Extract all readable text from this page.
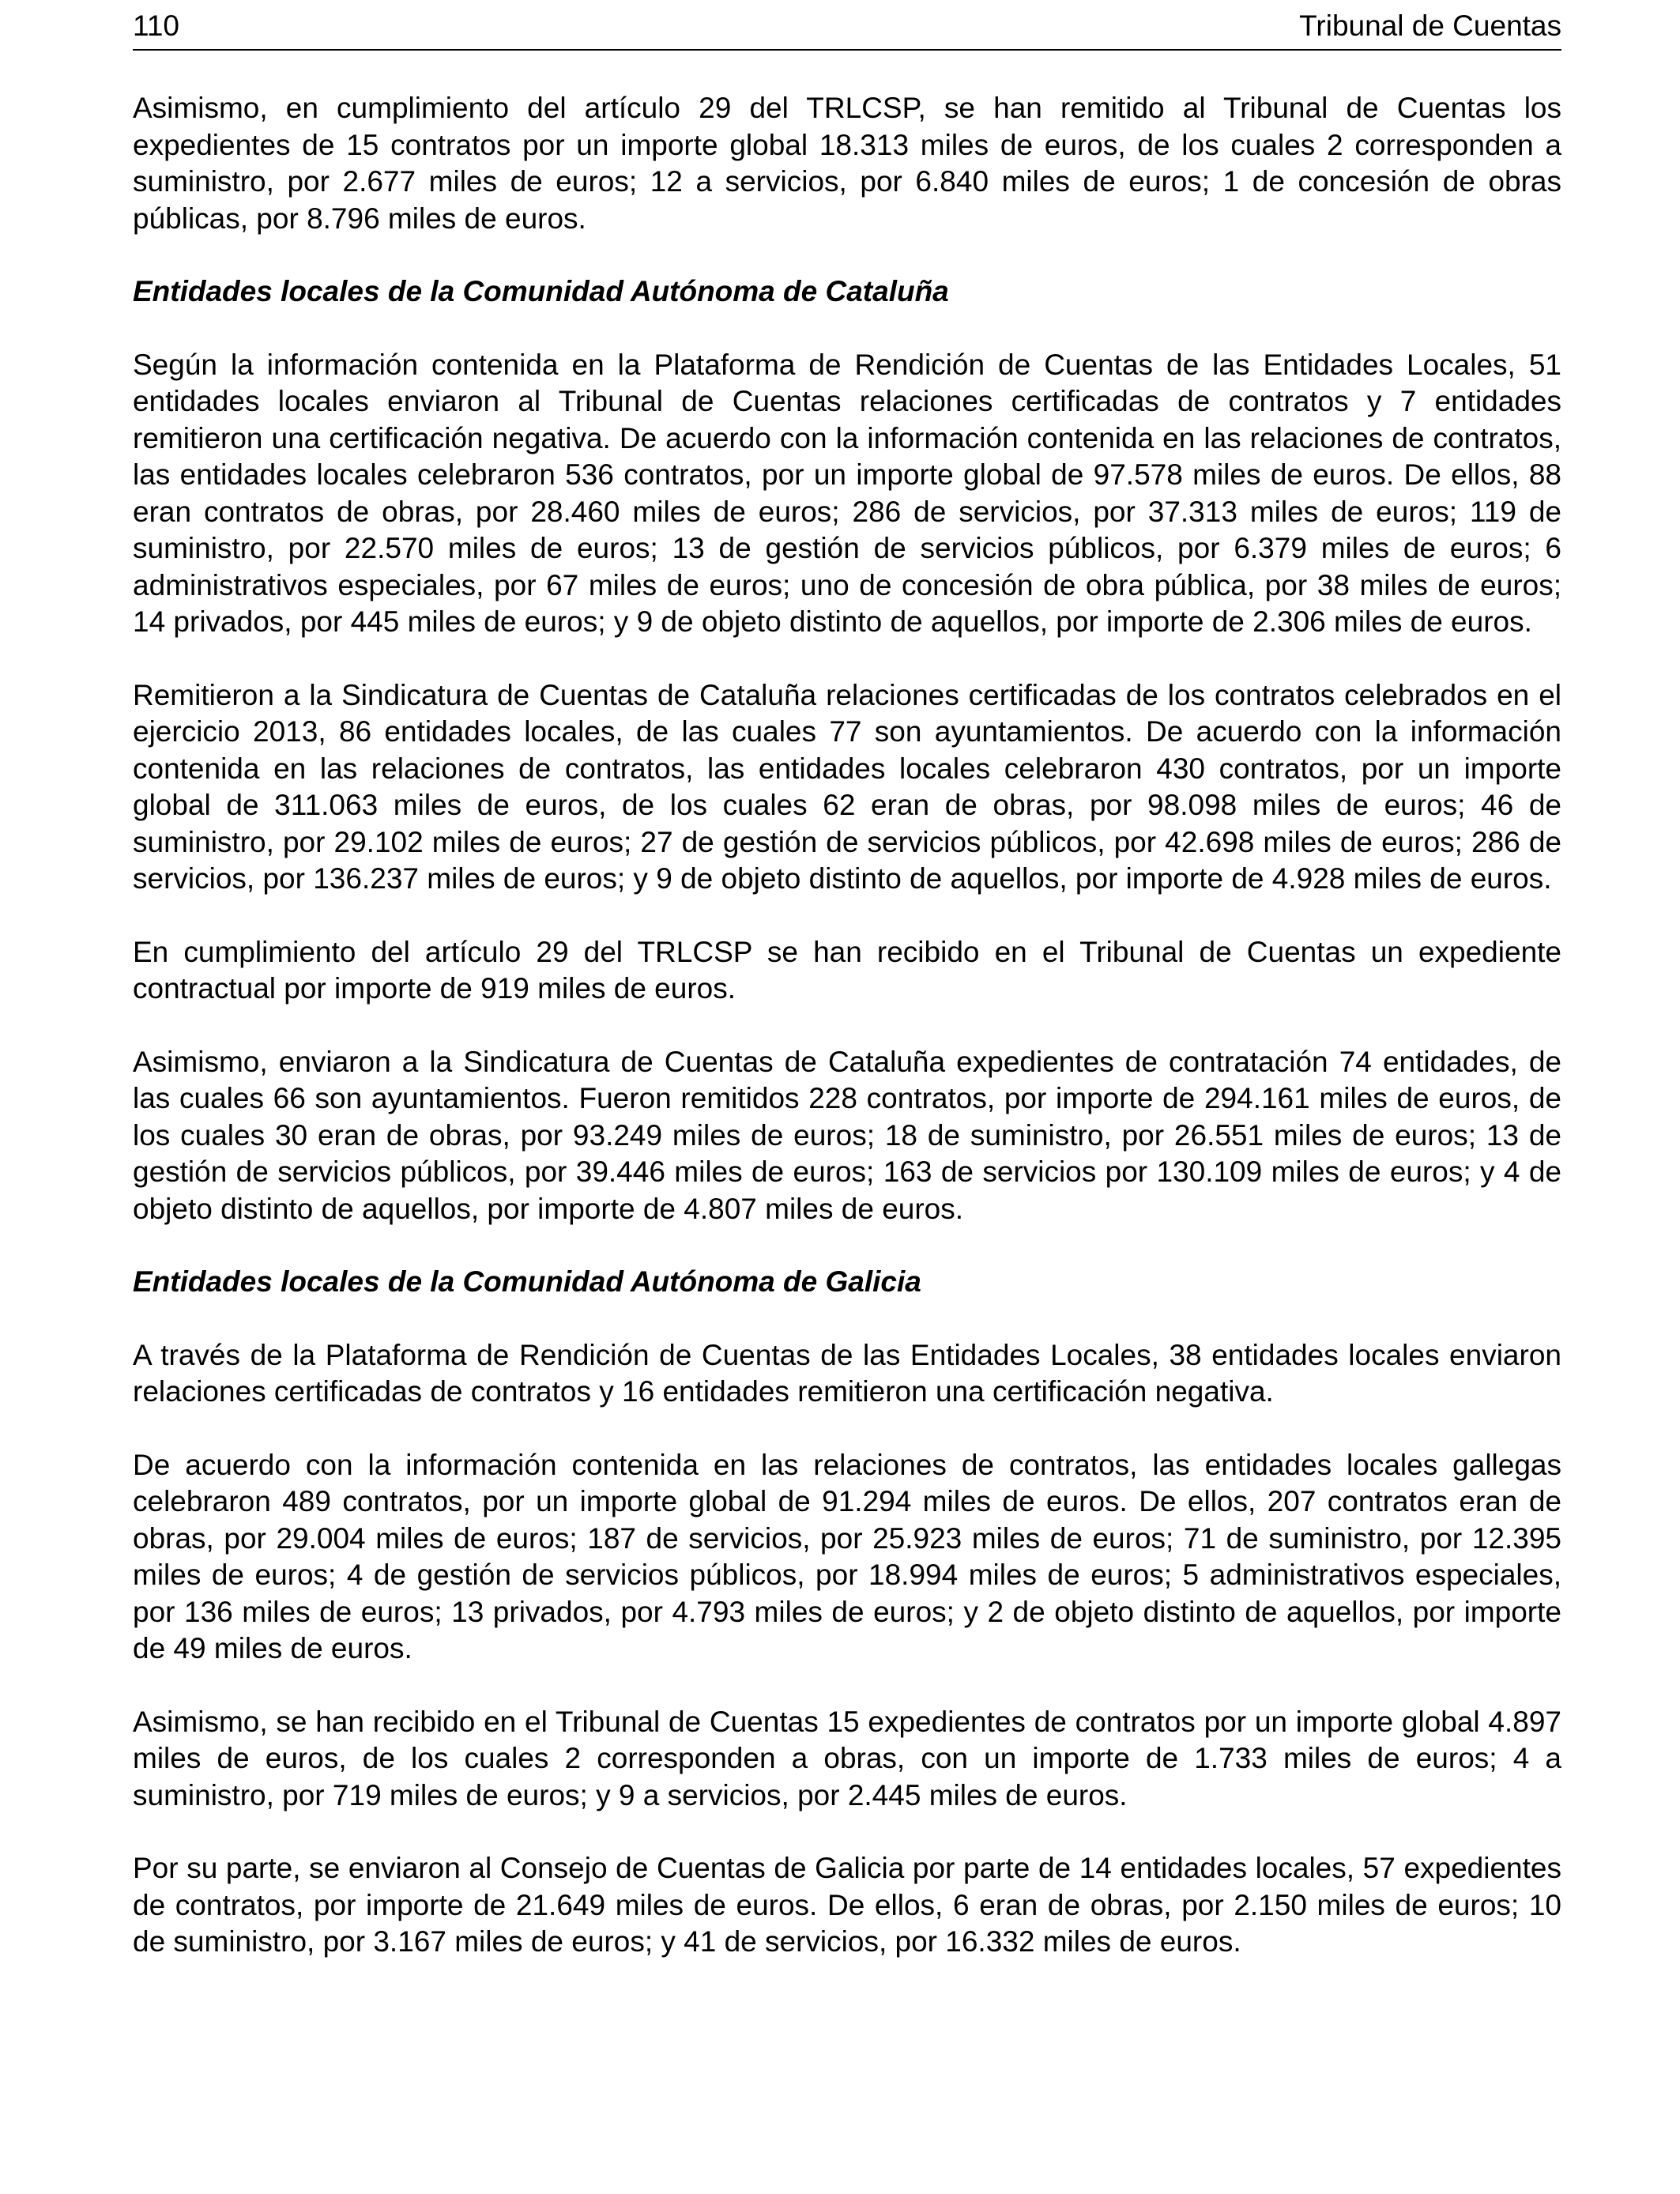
110	Tribunal de Cuentas

Asimismo, en cumplimiento del artículo 29 del TRLCSP, se han remitido al Tribunal de Cuentas los expedientes de 15 contratos por un importe global 18.313 miles de euros, de los cuales 2 corresponden a suministro, por 2.677 miles de euros; 12 a servicios, por 6.840 miles de euros; 1 de concesión de obras públicas, por 8.796 miles de euros.

Entidades locales de la Comunidad Autónoma de Cataluña

Según la información contenida en la Plataforma de Rendición de Cuentas de las Entidades Locales, 51 entidades locales enviaron al Tribunal de Cuentas relaciones certificadas de contratos y 7 entidades remitieron una certificación negativa. De acuerdo con la información contenida en las relaciones de contratos, las entidades locales celebraron 536 contratos, por un importe global de 97.578 miles de euros. De ellos, 88 eran contratos de obras, por 28.460 miles de euros; 286 de servicios, por 37.313 miles de euros; 119 de suministro, por 22.570 miles de euros; 13 de gestión de servicios públicos, por 6.379 miles de euros; 6 administrativos especiales, por 67 miles de euros; uno de concesión de obra pública, por 38 miles de euros; 14 privados, por 445 miles de euros; y 9 de objeto distinto de aquellos, por importe de 2.306 miles de euros.

Remitieron a la Sindicatura de Cuentas de Cataluña relaciones certificadas de los contratos celebrados en el ejercicio 2013, 86 entidades locales, de las cuales 77 son ayuntamientos. De acuerdo con la información contenida en las relaciones de contratos, las entidades locales celebraron 430 contratos, por un importe global de 311.063 miles de euros, de los cuales 62 eran de obras, por 98.098 miles de euros; 46 de suministro, por 29.102 miles de euros; 27 de gestión de servicios públicos, por 42.698 miles de euros; 286 de servicios, por 136.237 miles de euros; y 9 de objeto distinto de aquellos, por importe de 4.928 miles de euros.

En cumplimiento del artículo 29 del TRLCSP se han recibido en el Tribunal de Cuentas un expediente contractual por importe de 919 miles de euros.

Asimismo, enviaron a la Sindicatura de Cuentas de Cataluña expedientes de contratación 74 entidades, de las cuales 66 son ayuntamientos. Fueron remitidos 228 contratos, por importe de 294.161 miles de euros, de los cuales 30 eran de obras, por 93.249 miles de euros; 18 de suministro, por 26.551 miles de euros; 13 de gestión de servicios públicos, por 39.446 miles de euros; 163 de servicios por 130.109 miles de euros; y 4 de objeto distinto de aquellos, por importe de 4.807 miles de euros.

Entidades locales de la Comunidad Autónoma de Galicia

A través de la Plataforma de Rendición de Cuentas de las Entidades Locales, 38 entidades locales enviaron relaciones certificadas de contratos y 16 entidades remitieron una certificación negativa.

De acuerdo con la información contenida en las relaciones de contratos, las entidades locales gallegas celebraron 489 contratos, por un importe global de 91.294 miles de euros. De ellos, 207 contratos eran de obras, por 29.004 miles de euros; 187 de servicios, por 25.923 miles de euros; 71 de suministro, por 12.395 miles de euros; 4 de gestión de servicios públicos, por 18.994 miles de euros; 5 administrativos especiales, por 136 miles de euros; 13 privados, por 4.793 miles de euros; y 2 de objeto distinto de aquellos, por importe de 49 miles de euros.

Asimismo, se han recibido en el Tribunal de Cuentas 15 expedientes de contratos por un importe global 4.897 miles de euros, de los cuales 2 corresponden a obras, con un importe de 1.733 miles de euros; 4 a suministro, por 719 miles de euros; y 9 a servicios, por 2.445 miles de euros.

Por su parte, se enviaron al Consejo de Cuentas de Galicia por parte de 14 entidades locales, 57 expedientes de contratos, por importe de 21.649 miles de euros. De ellos, 6 eran de obras, por 2.150 miles de euros; 10 de suministro, por 3.167 miles de euros; y 41 de servicios, por 16.332 miles de euros.
